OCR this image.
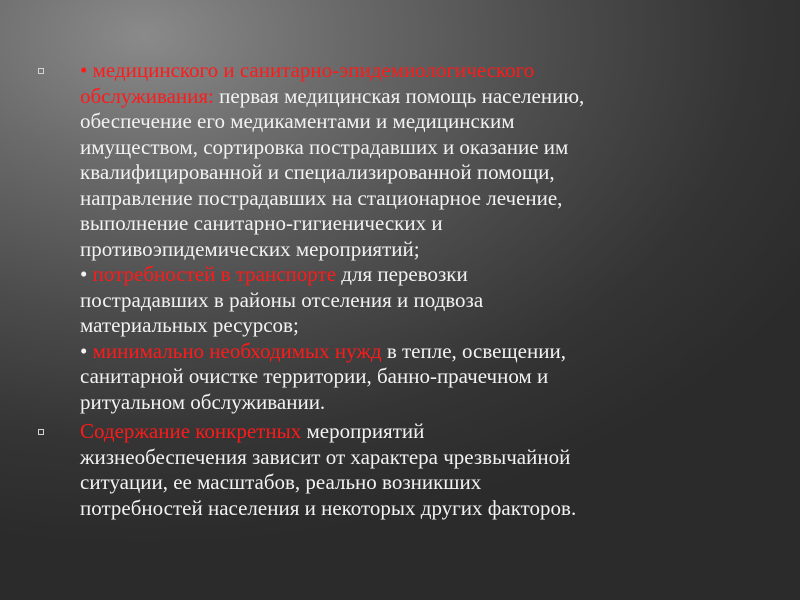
• медицинского и санитарно-эпидемиологического
обслуживания: первая медицинская помощь населению,
обеспечение его медикаментами и медицинским
имуществом, сортировка пострадавших и оказание им
квалифицированной и специализированной помощи,
направление пострадавших на стационарное лечение,
выполнение санитарно-гигиенических и
противоэпидемических мероприятий;
• потребностей в транспорте для перевозки
пострадавших в районы отселения и подвоза
материальных ресурсов;
• минимально необходимых нужд в тепле, освещении,
санитарной очистке территории, банно-прачечном и
ритуальном обслуживании.
Содержание конкретных мероприятий
жизнеобеспечения зависит от характера чрезвычайной
ситуации, ее масштабов, реально возникших
потребностей населения и некоторых других факторов.
